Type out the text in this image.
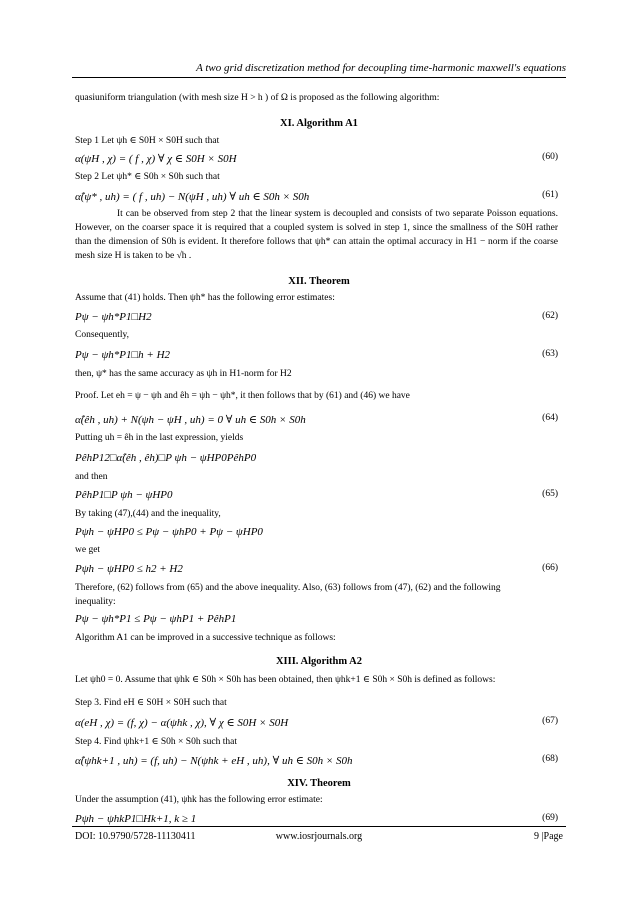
A two grid discretization method for decoupling time-harmonic maxwell's equations
XI. Algorithm A1
XII. Theorem
XIII. Algorithm A2
XIV. Theorem
quasiuniform triangulation (with mesh size H > h ) of Ω is proposed as the following algorithm:
Step 1 Let ψh ∈ S0H × S0H such that
α(ψH , χ) = ( f , χ) ∀ χ ∈ S0H × S0H	(60)
Step 2 Let ψh* ∈ S0h × S0h such that
α̂(ψ* , uh) = ( f , uh) − N(ψH , uh) ∀ uh ∈ S0h × S0h	(61)
Assume that (41) holds. Then ψh* has the following error estimates:
Pψ − ψh*P1□H2	(62)
Consequently,
Pψ − ψh*P1□h + H2	(63)
then, ψ* has the same accuracy as ψh in H1-norm for H2
Proof. Let eh = ψ − ψh and êh = ψh − ψh*, it then follows that by (61) and (46) we have
α̂(êh , uh) + N(ψh − ψH , uh) = 0 ∀ uh ∈ S0h × S0h	(64)
Putting uh = êh in the last expression, yields
PêhP12□α̂(êh , êh)□P ψh − ψHP0PêhP0
and then
PêhP1□P ψh − ψHP0	(65)
By taking (47),(44) and the inequality,
Pψh − ψHP0 ≤ Pψ − ψhP0 + Pψ − ψHP0
we get
Pψh − ψHP0 ≤ h2 + H2	(66)
Therefore, (62) follows from (65) and the above inequality. Also, (63) follows from (47), (62) and the following
inequality:
Pψ − ψh*P1 ≤ Pψ − ψhP1 + PêhP1
Algorithm A1 can be improved in a successive technique as follows:
Let ψh0 = 0. Assume that ψhk ∈ S0h × S0h has been obtained, then ψhk+1 ∈ S0h × S0h is defined as follows:
Step 3. Find eH ∈ S0H × S0H such that
α(eH , χ) = (f, χ) − α(ψhk , χ), ∀ χ ∈ S0H × S0H	(67)
Step 4. Find ψhk+1 ∈ S0h × S0h such that
α̂(ψhk+1 , uh) = (f, uh) − N(ψhk + eH , uh), ∀ uh ∈ S0h × S0h	(68)
Under the assumption (41), ψhk has the following error estimate:
Pψh − ψhkP1□Hk+1, k ≥ 1	(69)
It can be observed from step 2 that the linear system is decoupled and consists of two separate Poisson equations. However, on the coarser space it is required that a coupled system is solved in step 1, since the smallness of the S0H rather than the dimension of S0h is evident. It therefore follows that ψh* can attain the optimal accuracy in H1 − norm if the coarse mesh size H is taken to be √h .
DOI: 10.9790/5728-11130411	www.iosrjournals.org	9 |Page
